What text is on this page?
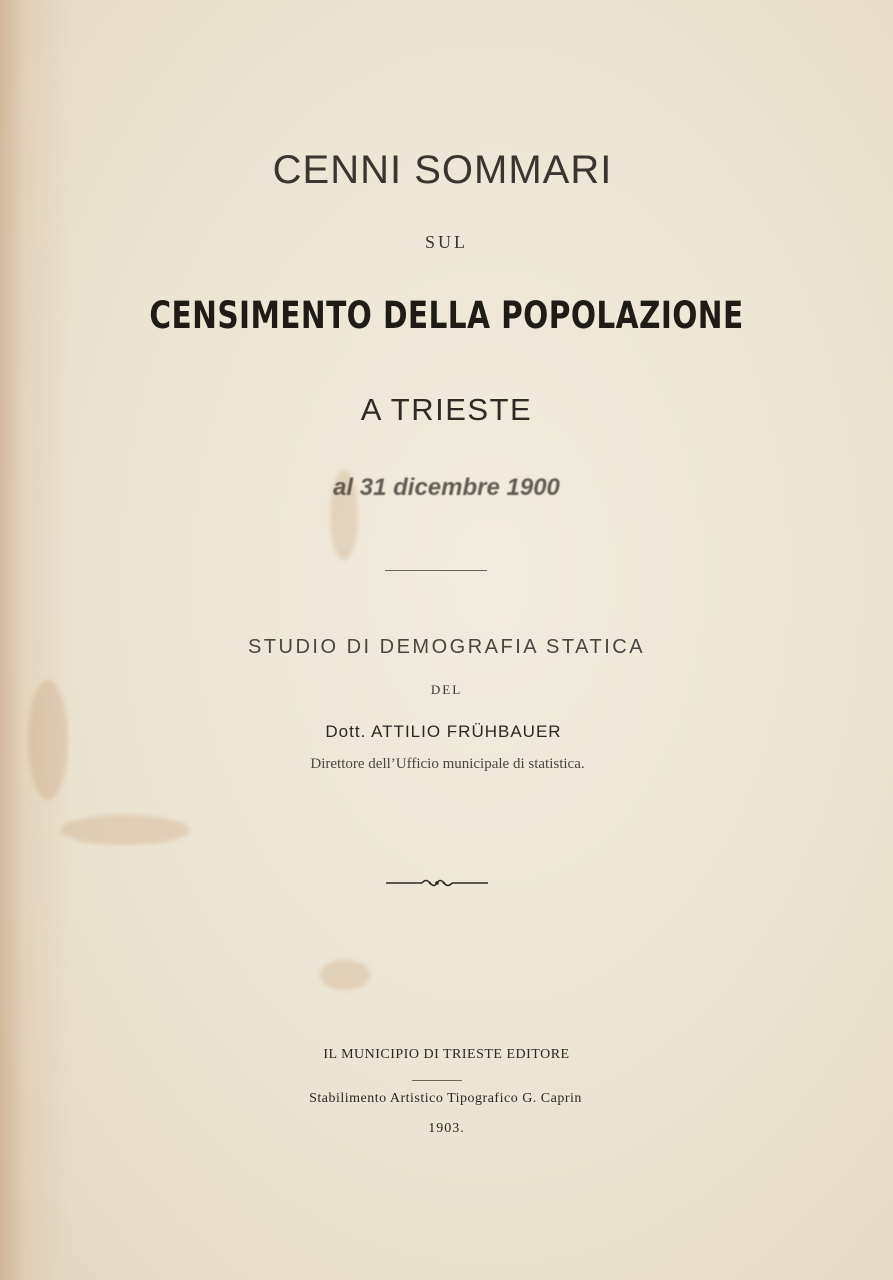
CENNI SOMMARI
SUL
CENSIMENTO DELLA POPOLAZIONE
A TRIESTE
al 31 dicembre 1900
STUDIO DI DEMOGRAFIA STATICA
DEL
Dott. ATTILIO FRÜHBAUER
Direttore dell’Ufficio municipale di statistica.
IL MUNICIPIO DI TRIESTE EDITORE
Stabilimento Artistico Tipografico G. Caprin
1903.
